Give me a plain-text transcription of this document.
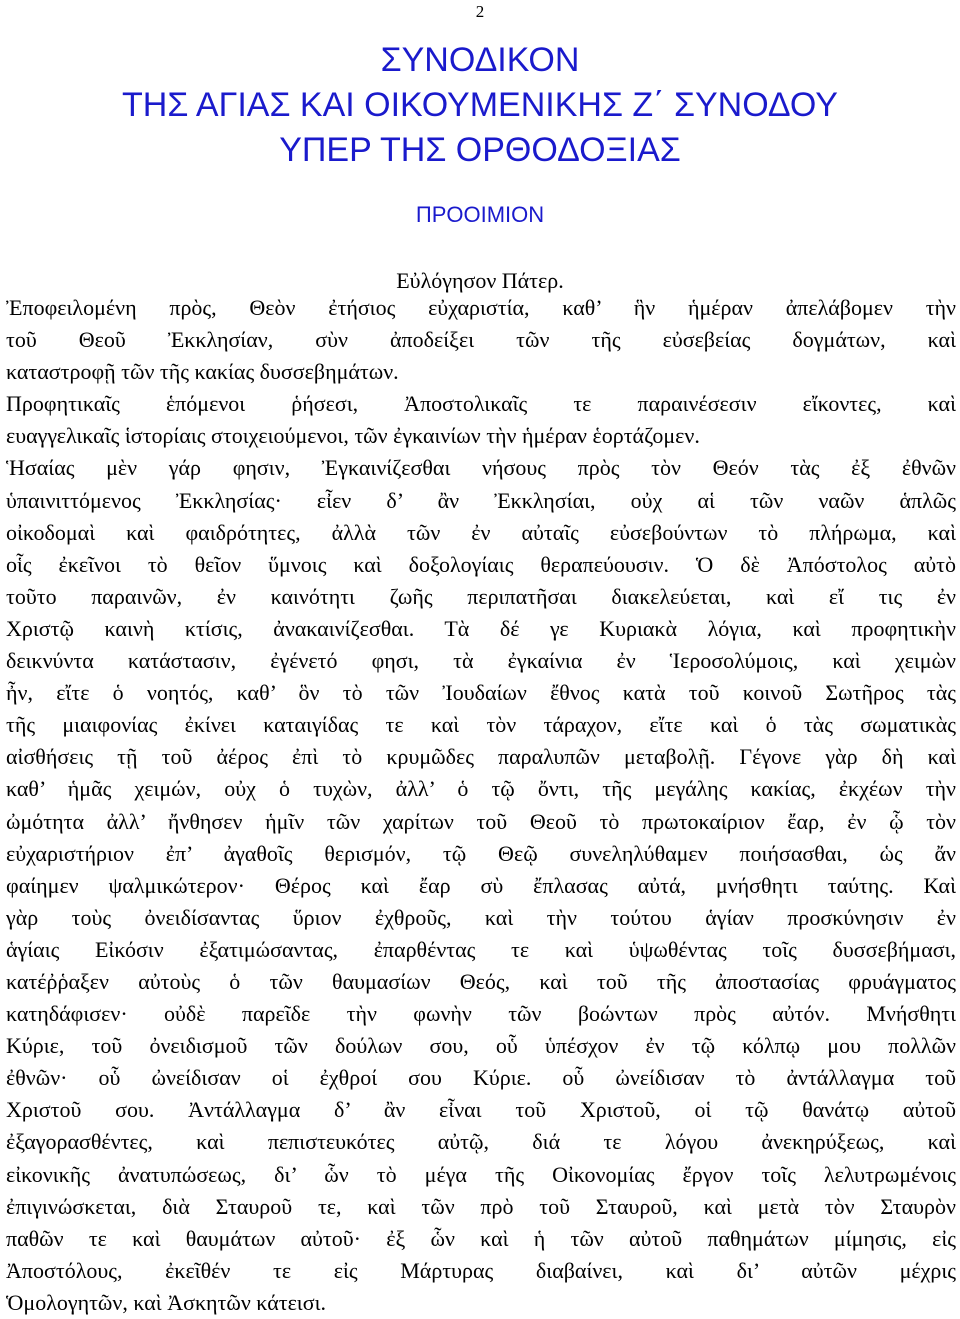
2
ΣΥΝΟΔΙΚΟΝ
ΤΗΣ ΑΓΙΑΣ ΚΑΙ ΟΙΚΟΥΜΕΝΙΚΗΣ Ζ΄ ΣΥΝΟΔΟΥ
ΥΠΕΡ ΤΗΣ ΟΡΘΟΔΟΞΙΑΣ
ΠΡΟΟΙΜΙΟΝ
Εὐλόγησον Πάτερ.
Ἐποφειλομένη πρὸς, Θεὸν ἐτήσιος εὐχαριστία, καθ’ ἣν ἡμέραν ἀπελάβομεν τὴν
τοῦ Θεοῦ Ἐκκλησίαν, σὺν ἀποδείξει τῶν τῆς εὐσεβείας δογμάτων, καὶ
καταστροφῇ τῶν τῆς κακίας δυσσεβημάτων.
Προφητικαῖς ἑπόμενοι ῥήσεσι, Ἀποστολικαῖς τε παραινέσεσιν εἴκοντες, καὶ
ευαγγελικαῖς ἱστορίαις στοιχειούμενοι, τῶν ἐγκαινίων τὴν ἡμέραν ἑορτάζομεν.
Ἡσαίας μὲν γάρ φησιν, Ἐγκαινίζεσθαι νήσους πρὸς τὸν Θεόν τὰς ἐξ ἐθνῶν
ὑπαινιττόμενος Ἐκκλησίας· εἶεν δ’ ἂν Ἐκκλησίαι, οὐχ αἱ τῶν ναῶν ἁπλῶς
οἰκοδομαὶ καὶ φαιδρότητες, ἀλλὰ τῶν ἐν αὐταῖς εὐσεβούντων τὸ πλήρωμα, καὶ
οἷς ἐκεῖνοι τὸ θεῖον ὕμνοις καὶ δοξολογίαις θεραπεύουσιν. Ὁ δὲ Ἀπόστολος αὐτὸ
τοῦτο παραινῶν, ἐν καινότητι ζωῆς περιπατῆσαι διακελεύεται, καὶ εἴ τις ἐν
Χριστῷ καινὴ κτίσις, ἀνακαινίζεσθαι. Τὰ δέ γε Κυριακὰ λόγια, καὶ προφητικὴν
δεικνύντα κατάστασιν, ἐγένετό φησι, τὰ ἐγκαίνια ἐν Ἱεροσολύμοις, καὶ χειμὼν
ἦν, εἴτε ὁ νοητός, καθ’ ὃν τὸ τῶν Ἰουδαίων ἔθνος κατὰ τοῦ κοινοῦ Σωτῆρος τὰς
τῆς μιαιφονίας ἐκίνει καταιγίδας τε καὶ τὸν τάραχον, εἴτε καὶ ὁ τὰς σωματικὰς
αἰσθήσεις τῇ τοῦ ἀέρος ἐπὶ τὸ κρυμῶδες παραλυπῶν μεταβολῇ. Γέγονε γὰρ δὴ καὶ
καθ’ ἡμᾶς χειμών, οὐχ ὁ τυχὼν, ἀλλ’ ὁ τῷ ὄντι, τῆς μεγάλης κακίας, ἐκχέων τὴν
ὠμότητα ἀλλ’ ἤνθησεν ἡμῖν τῶν χαρίτων τοῦ Θεοῦ τὸ πρωτοκαίριον ἔαρ, ἐν ᾧ τὸν
εὐχαριστήριον ἐπ’ ἀγαθοῖς θερισμόν, τῷ Θεῷ συνεληλύθαμεν ποιήσασθαι, ὡς ἄν
φαίημεν ψαλμικώτερον· Θέρος καὶ ἔαρ σὺ ἔπλασας αὐτά, μνήσθητι ταύτης. Καὶ
γὰρ τοὺς ὀνειδίσαντας ὕριον ἐχθροῦς, καὶ τὴν τούτου ἁγίαν προσκύνησιν ἐν
ἁγίαις Εἰκόσιν ἐξατιμώσαντας, ἐπαρθέντας τε καὶ ὑψωθέντας τοῖς δυσσεβήμασι,
κατέῤῥαξεν αὐτοὺς ὁ τῶν θαυμασίων Θεός, καὶ τοῦ τῆς ἀποστασίας φρυάγματος
κατηδάφισεν· οὐδὲ παρεῖδε τὴν φωνὴν τῶν βοώντων πρὸς αὐτόν. Μνήσθητι
Κύριε, τοῦ ὀνειδισμοῦ τῶν δούλων σου, οὗ ὑπέσχον ἐν τῷ κόλπῳ μου πολλῶν
ἐθνῶν· οὗ ὠνείδισαν οἱ ἐχθροί σου Κύριε. οὗ ὠνείδισαν τὸ ἀντάλλαγμα τοῦ
Χριστοῦ σου. Ἀντάλλαγμα δ’ ἂν εἶναι τοῦ Χριστοῦ, οἱ τῷ θανάτῳ αὐτοῦ
ἐξαγορασθέντες, καὶ πεπιστευκότες αὐτῷ, διά τε λόγου ἀνεκηρύξεως, καὶ
εἰκονικῆς ἀνατυπώσεως, δι’ ὧν τὸ μέγα τῆς Οἰκονομίας ἔργον τοῖς λελυτρωμένοις
ἐπιγινώσκεται, διὰ Σταυροῦ τε, καὶ τῶν πρὸ τοῦ Σταυροῦ, καὶ μετὰ τὸν Σταυρὸν
παθῶν τε καὶ θαυμάτων αὐτοῦ· ἐξ ὧν καὶ ἡ τῶν αὐτοῦ παθημάτων μίμησις, εἰς
Ἀποστόλους, ἐκεῖθέν τε εἰς Μάρτυρας διαβαίνει, καὶ δι’ αὐτῶν μέχρις
Ὁμολογητῶν, καὶ Ἀσκητῶν κάτεισι.
